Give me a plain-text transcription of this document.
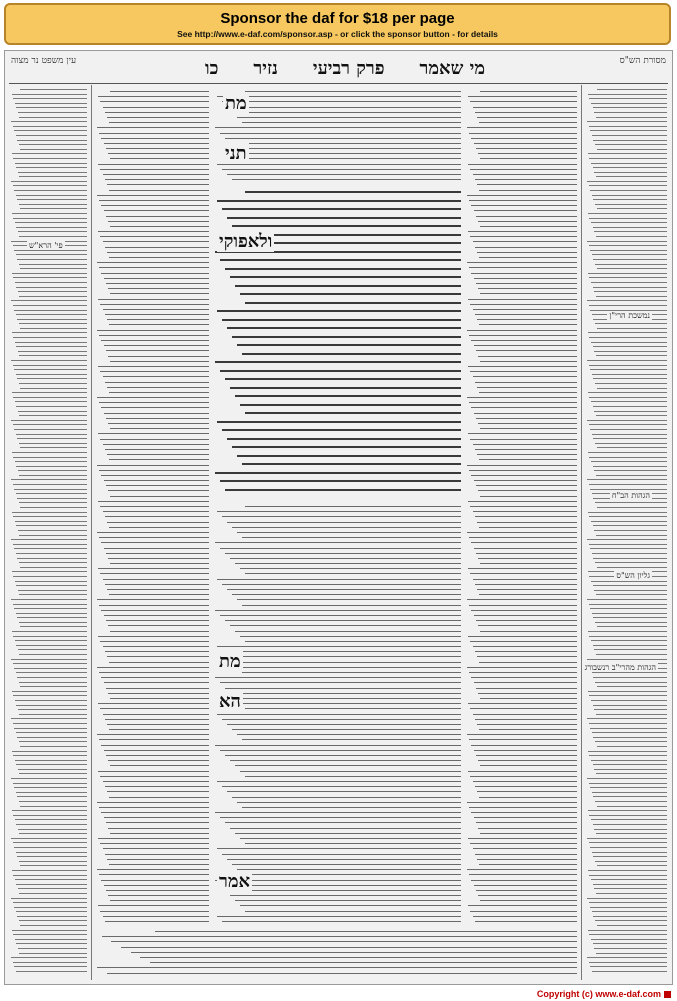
Sponsor the daf for $18 per page
See http://www.e-daf.com/sponsor.asp - or click the sponsor button - for details
עין משפט נר מצוה	מסורת הש"ס
מי שאמר
פרק רביעי
נזיר
כו
מת
ולאפוקי
תני
מת
הא
אמר
נמשכת הרי"ן
הגהות הב"ח
גליון הש"ס
הגהות מהרי"ב רנשבורג
פי' הרא"ש
Copyright (c) www.e-daf.com
